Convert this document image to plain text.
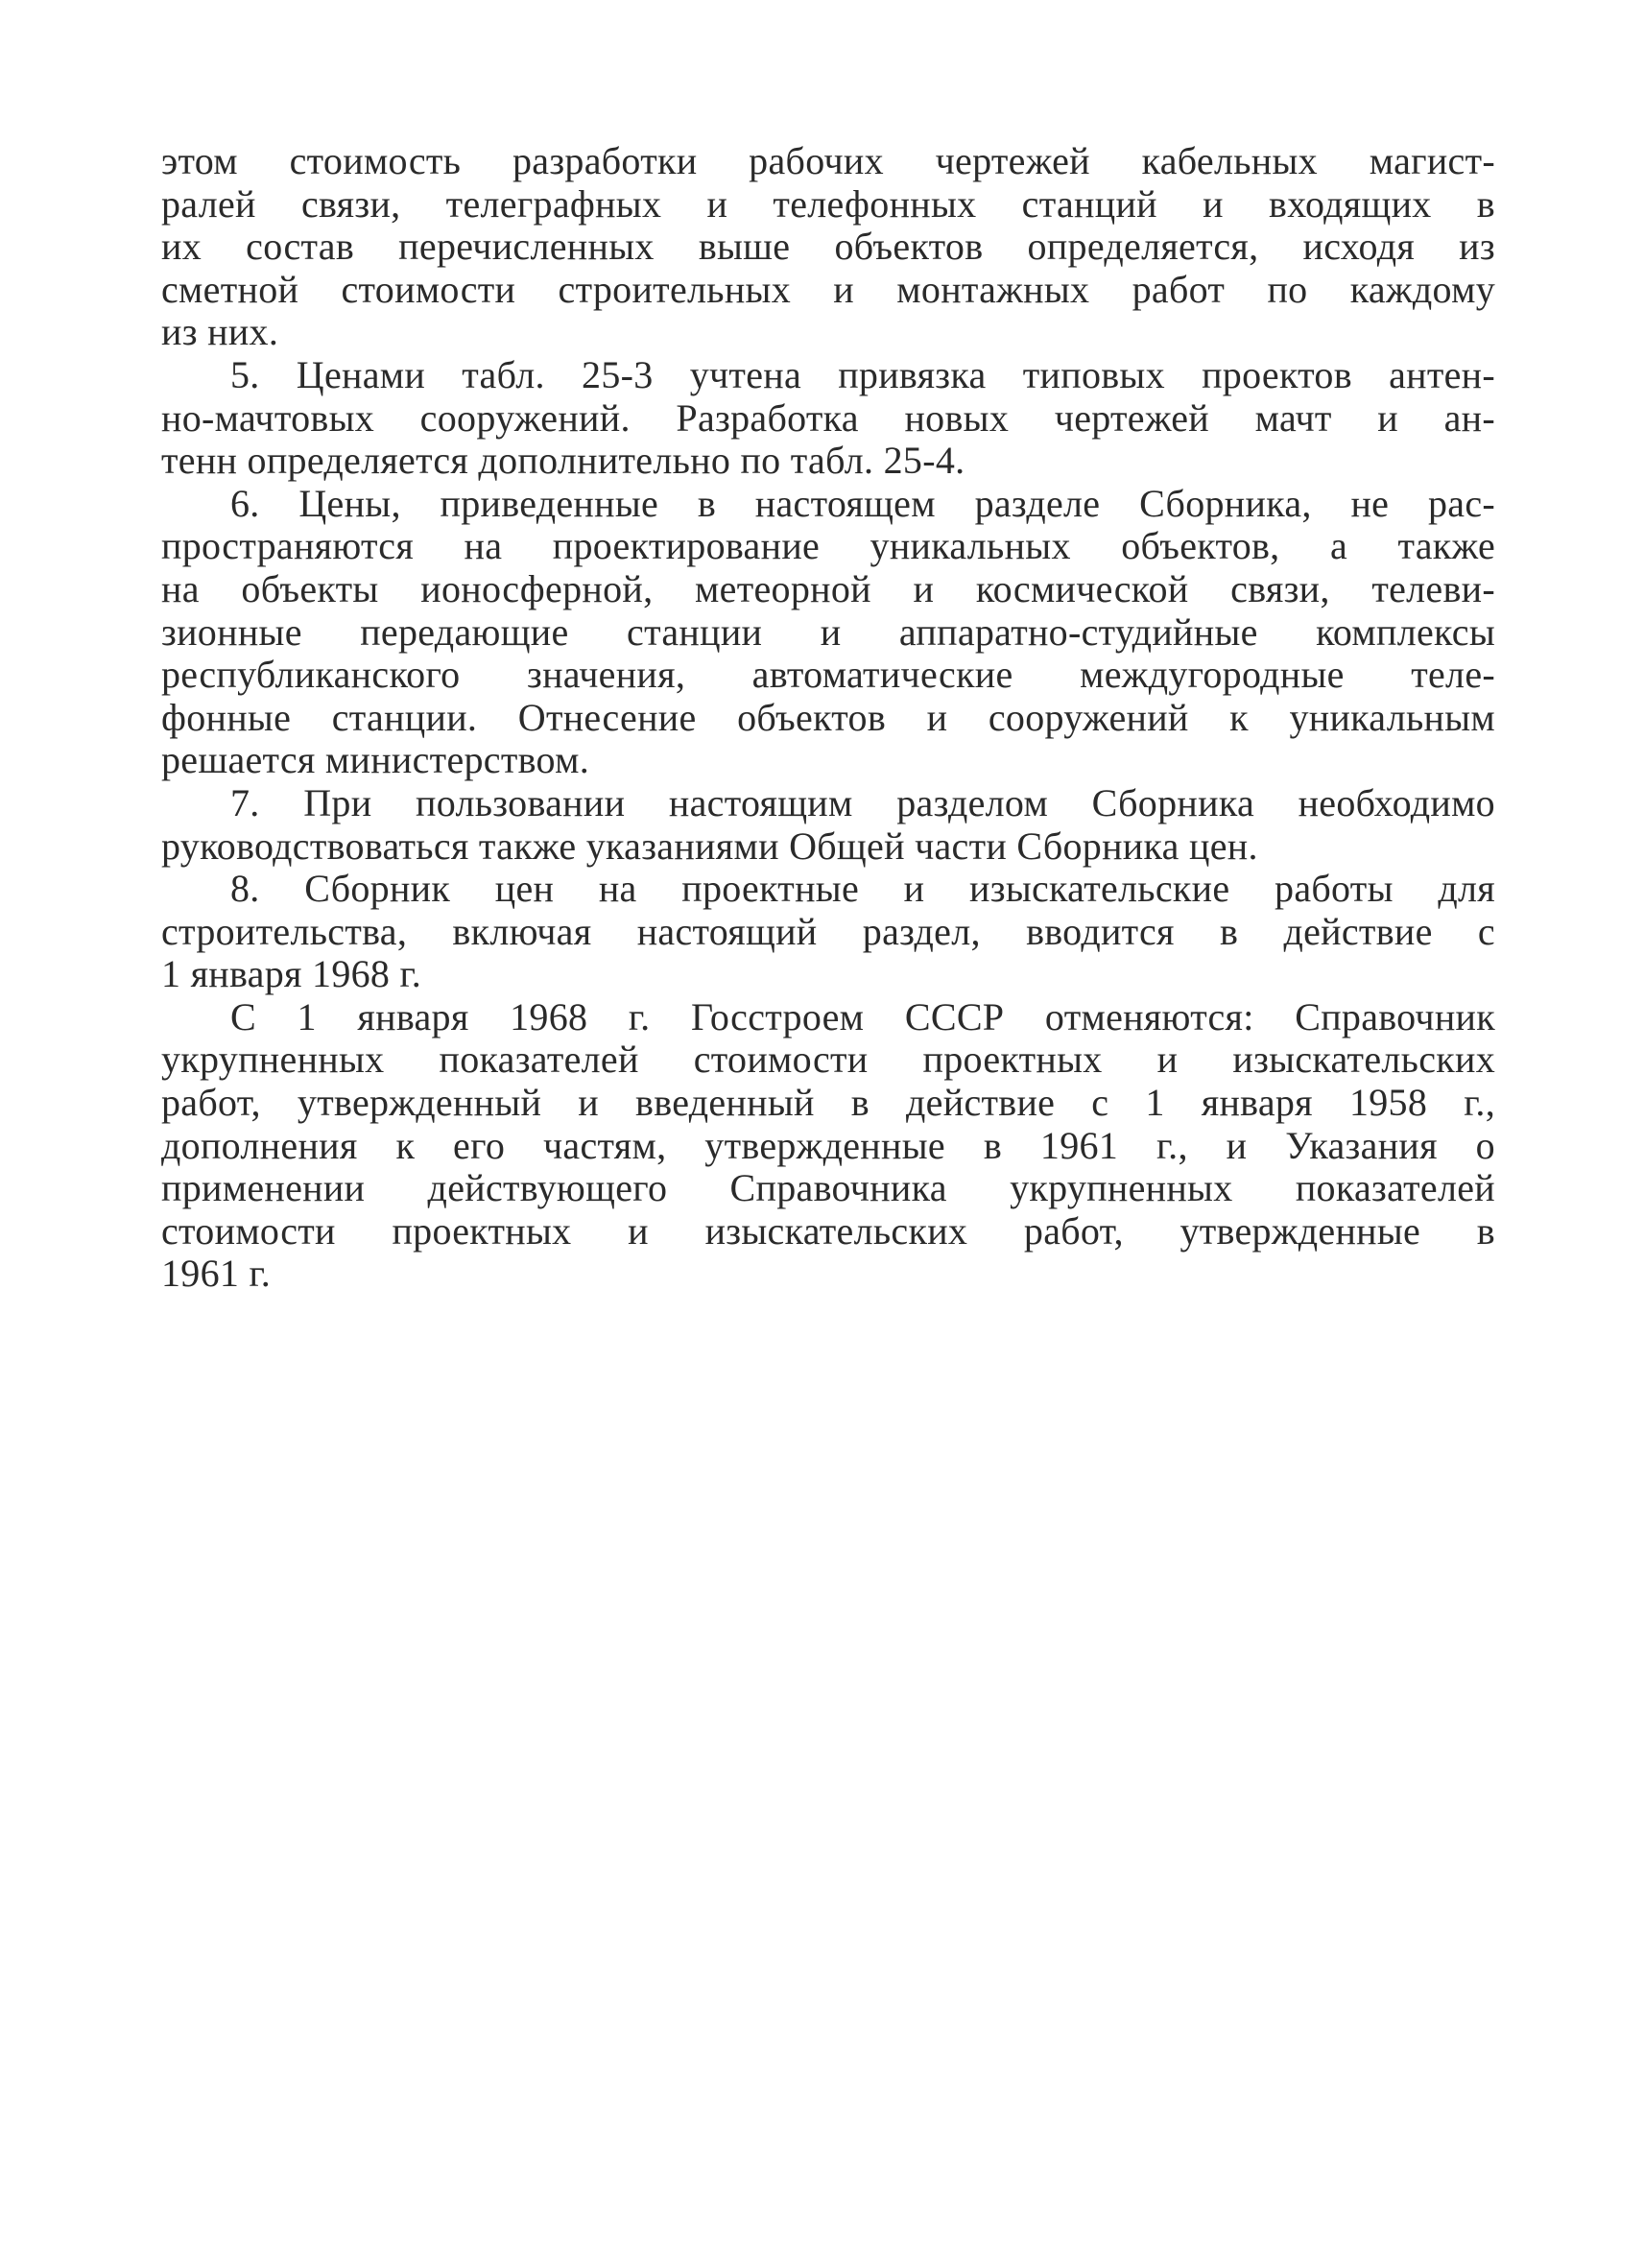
этом стоимость разработки рабочих чертежей кабельных магист-
ралей связи, телеграфных и телефонных станций и входящих в
их состав перечисленных выше объектов определяется, исходя из
сметной стоимости строительных и монтажных работ по каждому
из них.

5. Ценами табл. 25-3 учтена привязка типовых проектов антен-
но-мачтовых сооружений. Разработка новых чертежей мачт и ан-
тенн определяется дополнительно по табл. 25-4.

6. Цены, приведенные в настоящем разделе Сборника, не рас-
пространяются на проектирование уникальных объектов, а также
на объекты ионосферной, метеорной и космической связи, телеви-
зионные передающие станции и аппаратно-студийные комплексы
республиканского значения, автоматические междугородные теле-
фонные станции. Отнесение объектов и сооружений к уникальным
решается министерством.

7. При пользовании настоящим разделом Сборника необходимо
руководствоваться также указаниями Общей части Сборника цен.

8. Сборник цен на проектные и изыскательские работы для
строительства, включая настоящий раздел, вводится в действие с
1 января 1968 г.

С 1 января 1968 г. Госстроем СССР отменяются: Справочник
укрупненных показателей стоимости проектных и изыскательских
работ, утвержденный и введенный в действие с 1 января 1958 г.,
дополнения к его частям, утвержденные в 1961 г., и Указания о
применении действующего Справочника укрупненных показателей
стоимости проектных и изыскательских работ, утвержденные в
1961 г.
